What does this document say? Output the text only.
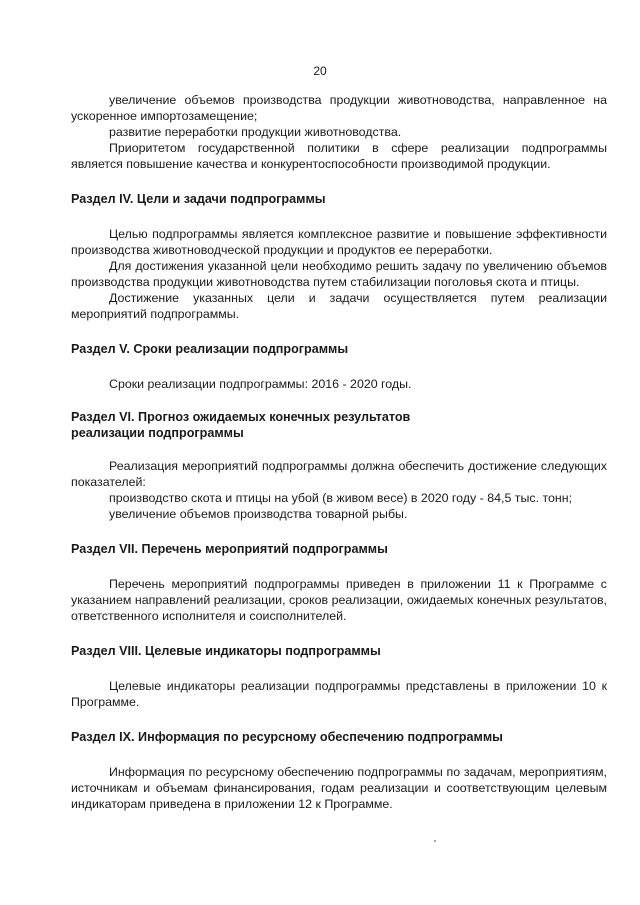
20

увеличение объемов производства продукции животноводства, направленное на ускоренное импортозамещение;

развитие переработки продукции животноводства.

Приоритетом государственной политики в сфере реализации подпрограммы является повышение качества и конкурентоспособности производимой продукции.

Раздел IV. Цели и задачи подпрограммы

Целью подпрограммы является комплексное развитие и повышение эффективности производства животноводческой продукции и продуктов ее переработки.

Для достижения указанной цели необходимо решить задачу по увеличению объемов производства продукции животноводства путем стабилизации поголовья скота и птицы.

Достижение указанных цели и задачи осуществляется путем реализации мероприятий подпрограммы.

Раздел V. Сроки реализации подпрограммы

Сроки реализации подпрограммы: 2016 - 2020 годы.

Раздел VI. Прогноз ожидаемых конечных результатов

реализации подпрограммы

Реализация мероприятий подпрограммы должна обеспечить достижение следующих показателей:

производство скота и птицы на убой (в живом весе) в 2020 году - 84,5 тыс. тонн;

увеличение объемов производства товарной рыбы.

Раздел VII. Перечень мероприятий подпрограммы

Перечень мероприятий подпрограммы приведен в приложении 11 к Программе с указанием направлений реализации, сроков реализации, ожидаемых конечных результатов, ответственного исполнителя и соисполнителей.

Раздел VIII. Целевые индикаторы подпрограммы

Целевые индикаторы реализации подпрограммы представлены в приложении 10 к Программе.

Раздел IX. Информация по ресурсному обеспечению подпрограммы

Информация по ресурсному обеспечению подпрограммы по задачам, мероприятиям, источникам и объемам финансирования, годам реализации и соответствующим целевым индикаторам приведена в приложении 12 к Программе.
